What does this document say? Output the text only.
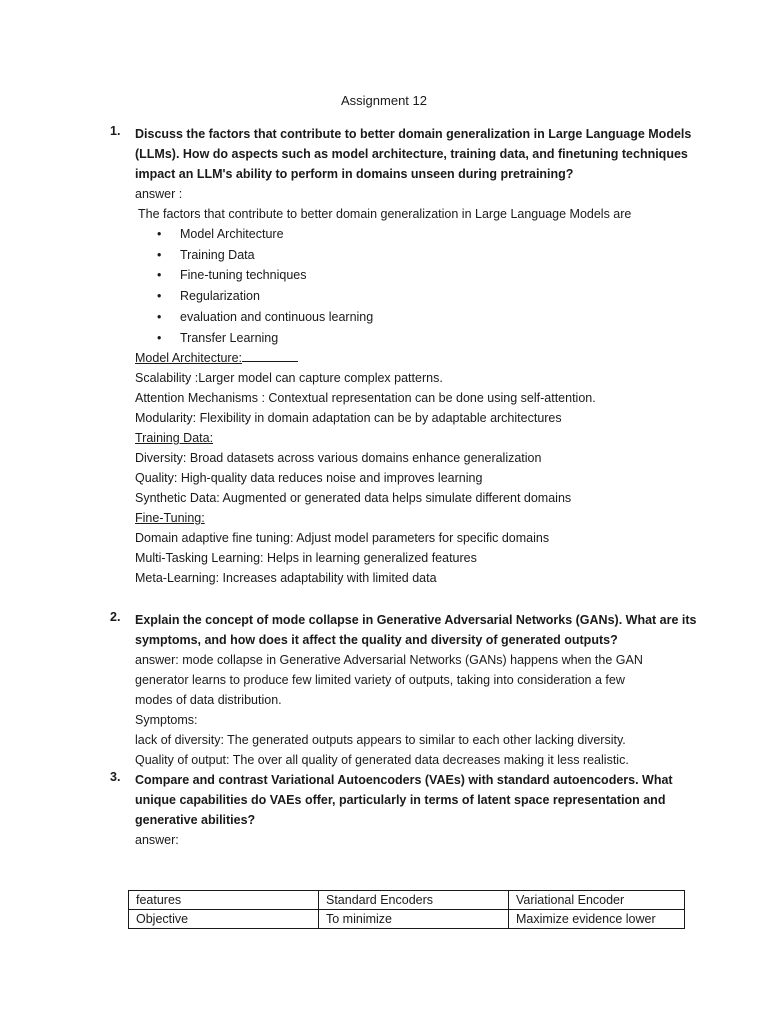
Assignment 12
1. Discuss the factors that contribute to better domain generalization in Large Language Models
(LLMs). How do aspects such as model architecture, training data, and finetuning techniques
impact an LLM's ability to perform in domains unseen during pretraining?
answer :
The factors that contribute to better domain generalization in Large Language Models are
• Model Architecture
• Training Data
• Fine-tuning techniques
• Regularization
• evaluation and continuous learning
• Transfer Learning
Model Architecture:
Scalability :Larger model can capture complex patterns.
Attention Mechanisms : Contextual representation can be done using self-attention.
Modularity: Flexibility in domain adaptation can be by adaptable architectures
Training Data:
Diversity: Broad datasets across various domains enhance generalization
Quality: High-quality data reduces noise and improves learning
Synthetic Data: Augmented or generated data helps simulate different domains
Fine-Tuning:
Domain adaptive fine tuning: Adjust model parameters for specific domains
Multi-Tasking Learning: Helps in learning generalized features
Meta-Learning: Increases adaptability with limited data
2. Explain the concept of mode collapse in Generative Adversarial Networks (GANs). What are its
symptoms, and how does it affect the quality and diversity of generated outputs?
answer: mode collapse in Generative Adversarial Networks (GANs) happens when the GAN
generator learns to produce few limited variety of outputs, taking into consideration a few
modes of data distribution.
Symptoms:
lack of diversity: The generated outputs appears to similar to each other lacking diversity.
Quality of output: The over all quality of generated data decreases making it less realistic.
3. Compare and contrast Variational Autoencoders (VAEs) with standard autoencoders. What
unique capabilities do VAEs offer, particularly in terms of latent space representation and
generative abilities?
answer:
features	Standard Encoders	Variational Encoder
Objective	To minimize	Maximize evidence lower
